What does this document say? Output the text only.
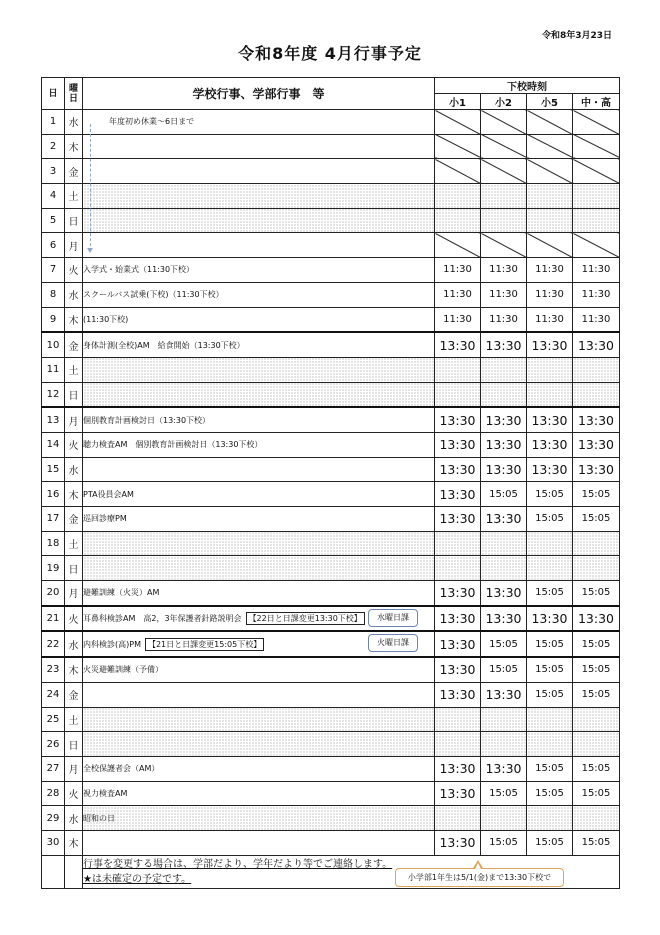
令和8年3月23日
令和8年度 4月行事予定
日	曜日	学校行事、学部行事　等	下校時刻			
			小1	小2	小5	中・高
1	水	年度初め休業～6日まで				
2	木					
3	金					
4	土					
5	日					
6	月					
7	火	入学式・始業式（11:30下校）	11:30	11:30	11:30	11:30
8	水	スクールバス試乗(下校)（11:30下校）	11:30	11:30	11:30	11:30
9	木	(11:30下校)	11:30	11:30	11:30	11:30
10	金	身体計測(全校)AM　給食開始（13:30下校）	13:30	13:30	13:30	13:30
11	土					
12	日					
13	月	個別教育計画検討日（13:30下校）	13:30	13:30	13:30	13:30
14	火	聴力検査AM　個別教育計画検討日（13:30下校）	13:30	13:30	13:30	13:30
15	水		13:30	13:30	13:30	13:30
16	木	PTA役員会AM	13:30	15:05	15:05	15:05
17	金	巡回診療PM	13:30	13:30	15:05	15:05
18	土					
19	日					
20	月	避難訓練（火災）AM	13:30	13:30	15:05	15:05
21	火	耳鼻科検診AM　高2，3年保護者針路説明会 【22日と日課変更13:30下校】 水曜日課	13:30	13:30	13:30	13:30
22	水	内科検診(高)PM 【21日と日課変更15:05下校】 火曜日課	13:30	15:05	15:05	15:05
23	木	火災避難訓練（予備）	13:30	15:05	15:05	15:05
24	金		13:30	13:30	15:05	15:05
25	土					
26	日					
27	月	全校保護者会（AM）	13:30	13:30	15:05	15:05
28	火	視力検査AM	13:30	15:05	15:05	15:05
29	水	昭和の日				
30	木		13:30	15:05	15:05	15:05

		行事を変更する場合は、学部だより、学年だより等でご連絡します。
★は未確定の予定です。					小学部1年生は5/1(金)まで13:30下校で
